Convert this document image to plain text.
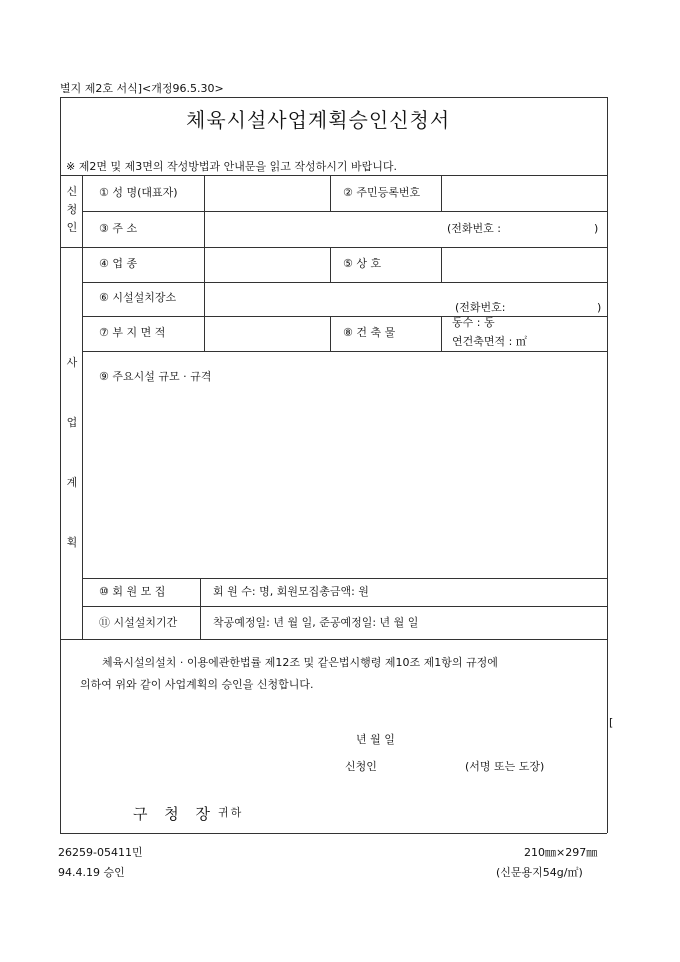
별지 제2호 서식]<개정96.5.30>
체육시설사업계획승인신청서
※ 제2면 및 제3면의 작성방법과 안내문을 읽고 작성하시기 바랍니다.
신
청
인
① 성 명(대표자)	② 주민등록번호
③ 주 소	(전화번호 :	)
사
업
계
획
④ 업 종	⑤ 상 호
⑥ 시설설치장소
(전화번호:	)
⑦ 부 지 면 적	⑧ 건 축 물
동수 : 동
연건축면적 : ㎡
⑨ 주요시설 규모 · 규격
⑩ 회 원 모 집	회 원 수: 명, 회원모집총금액: 원
⑪ 시설설치기간	착공예정일: 년 월 일, 준공예정일: 년 월 일
체육시설의설치 · 이용에관한법률 제12조 및 같은법시행령 제10조 제1항의 규정에
의하여 위와 같이 사업계획의 승인을 신청합니다.
[
년 월 일
신청인	(서명 또는 도장)
구 청 장 귀하
26259-05411민
94.4.19 승인
210㎜×297㎜
(신문용지54g/㎡)
